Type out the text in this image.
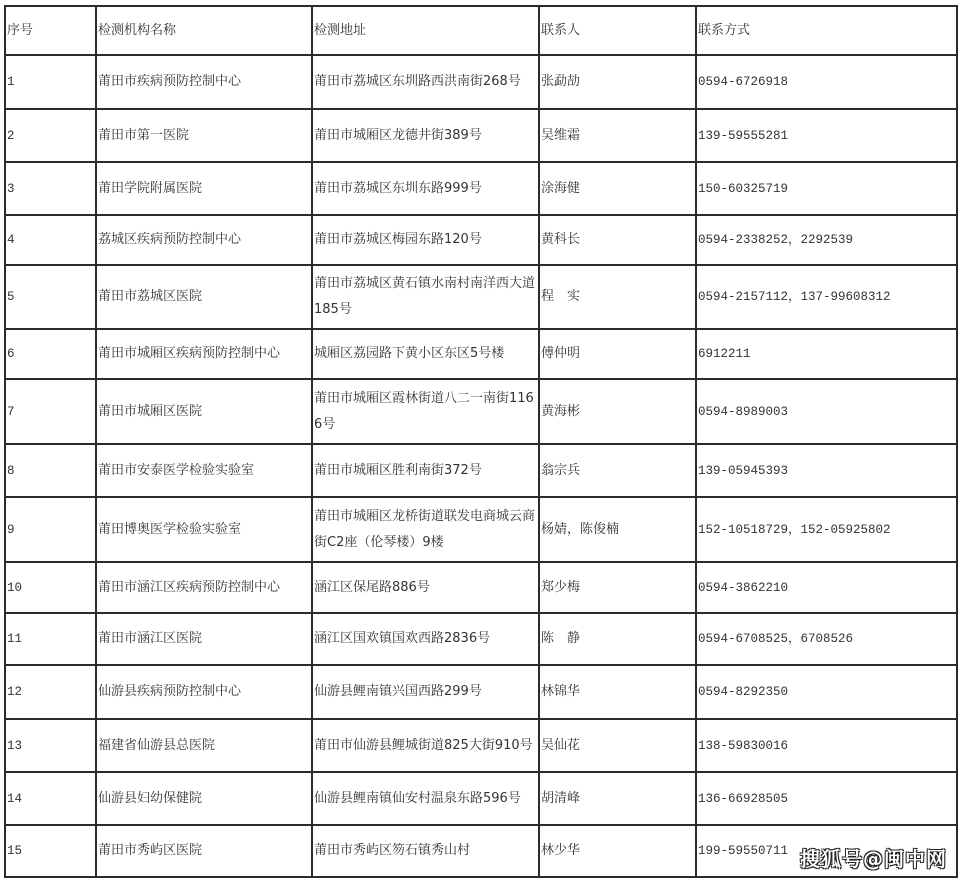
序号	检测机构名称	检测地址	联系人	联系方式
1	莆田市疾病预防控制中心	莆田市荔城区东圳路西洪南街268号	张勐劼	0594-6726918
2	莆田市第一医院	莆田市城厢区龙德井街389号	吴维霜	139-59555281
3	莆田学院附属医院	莆田市荔城区东圳东路999号	涂海健	150-60325719
4	荔城区疾病预防控制中心	莆田市荔城区梅园东路120号	黄科长	0594-2338252，2292539
5	莆田市荔城区医院	莆田市荔城区黄石镇水南村南洋西大道185号	程　实	0594-2157112，137-99608312
6	莆田市城厢区疾病预防控制中心	城厢区荔园路下黄小区东区5号楼	傅仲明	6912211
7	莆田市城厢区医院	莆田市城厢区霞林街道八二一南街1166号	黄海彬	0594-8989003
8	莆田市安泰医学检验实验室	莆田市城厢区胜利南街372号	翁宗兵	139-05945393
9	莆田博奥医学检验实验室	莆田市城厢区龙桥街道联发电商城云商街C2座（伦琴楼）9楼	杨婧，陈俊楠	152-10518729，152-05925802
10	莆田市涵江区疾病预防控制中心	涵江区保尾路886号	郑少梅	0594-3862210
11	莆田市涵江区医院	涵江区国欢镇国欢西路2836号	陈　静	0594-6708525，6708526
12	仙游县疾病预防控制中心	仙游县鲤南镇兴国西路299号	林锦华	0594-8292350
13	福建省仙游县总医院	莆田市仙游县鲤城街道825大街910号	吴仙花	138-59830016
14	仙游县妇幼保健院	仙游县鲤南镇仙安村温泉东路596号	胡清峰	136-66928505
15	莆田市秀屿区医院	莆田市秀屿区笏石镇秀山村	林少华	199-59550711 搜狐号@闽中网
